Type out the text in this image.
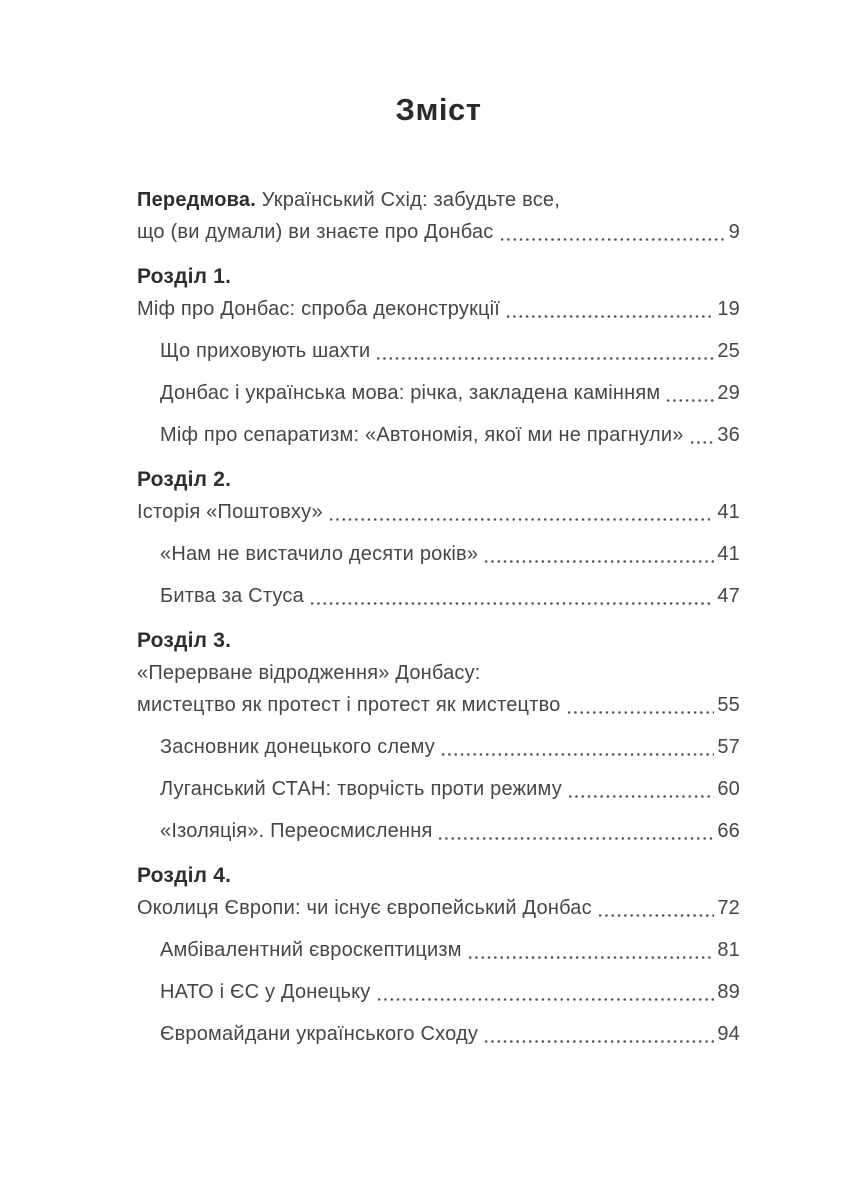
Зміст
Передмова. Український Схід: забудьте все,
що (ви думали) ви знаєте про Донбас	9
Розділ 1.
Міф про Донбас: спроба деконструкції	19
Що приховують шахти	25
Донбас і українська мова: річка, закладена камінням	29
Міф про сепаратизм: «Автономія, якої ми не прагнули» 36
Розділ 2.
Історія «Поштовху»	41
«Нам не вистачило десяти років»	41
Битва за Стуса	47
Розділ 3.
«Перерване відродження» Донбасу:
мистецтво як протест і протест як мистецтво	55
Засновник донецького слему	57
Луганський СТАН: творчість проти режиму	60
«Ізоляція». Переосмислення	66
Розділ 4.
Околиця Європи: чи існує європейський Донбас	72
Амбівалентний євроскептицизм	81
НАТО і ЄС у Донецьку	89
Євромайдани українського Сходу	94
